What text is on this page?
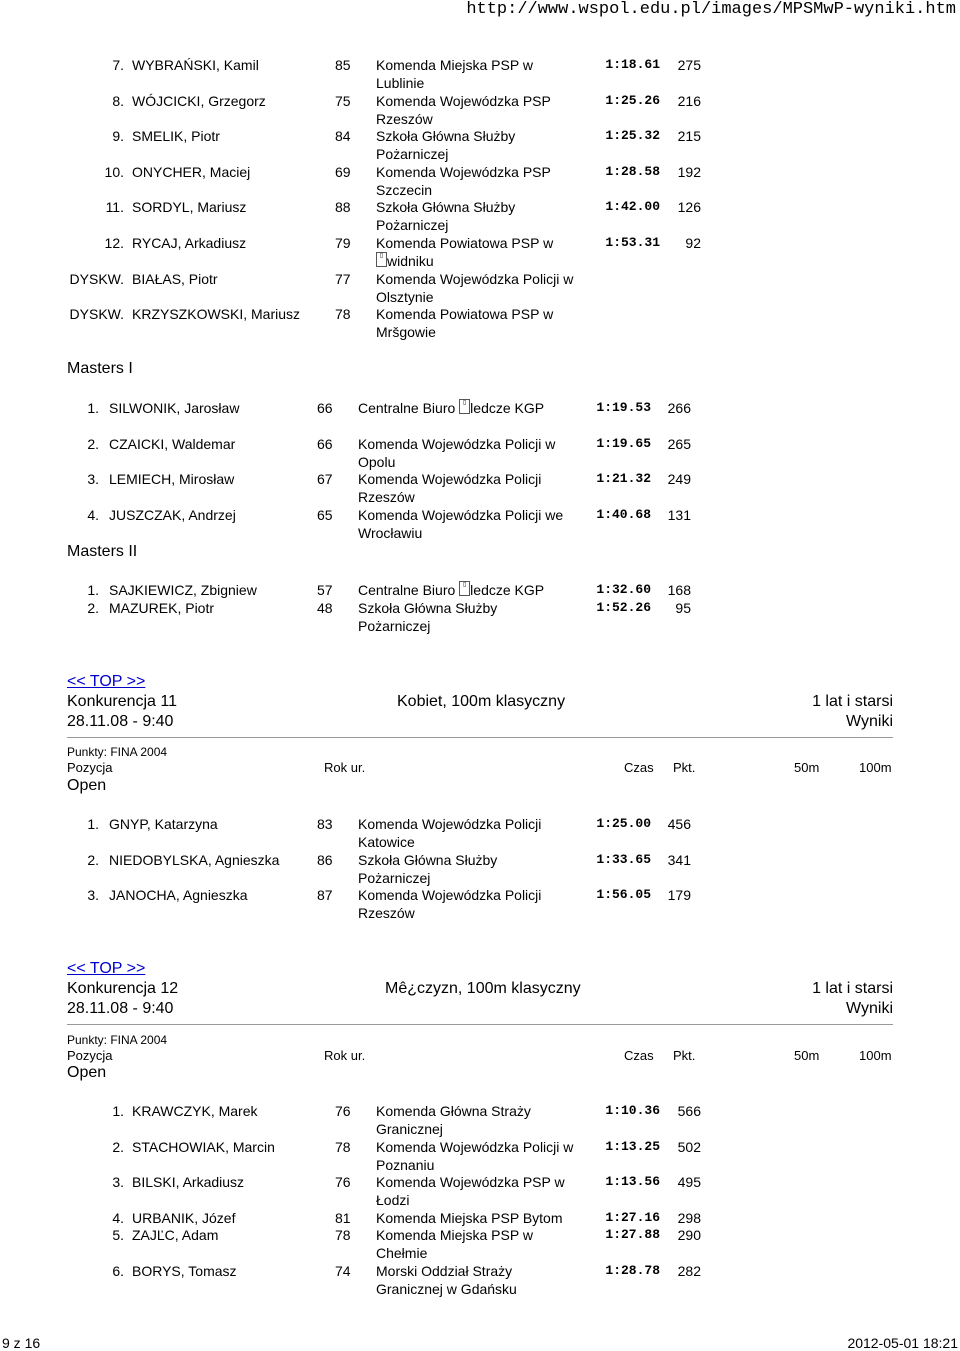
http://www.wspol.edu.pl/images/MPSMwP-wyniki.htm
9 z 16	2012-05-01 18:21
7. WYBRAŃSKI, Kamil	85 Komenda Miejska PSP w
Lublinie
1:18.61 275
8. WÓJCICKI, Grzegorz	75 Komenda Wojewódzka PSP
Rzeszów
1:25.26 216
9. SMELIK, Piotr	84 Szkoła Główna Służby
Pożarniczej
1:25.32 215
10. ONYCHER, Maciej	69 Komenda Wojewódzka PSP
Szczecin
1:28.58 192
11. SORDYL, Mariusz	88 Szkoła Główna Służby
Pożarniczej
1:42.00 126
12. RYCAJ, Arkadiusz	79 Komenda Powiatowa PSP w
▯ widniku
1:53.31 92
DYSKW. BIAŁAS, Piotr	77 Komenda Wojewódzka Policji w
Olsztynie
DYSKW. KRZYSZKOWSKI, Mariusz 78 Komenda Powiatowa PSP w
Mršgowie
Masters I
1. SILWONIK, Jarosław	66 Centralne Biuro ▯ ledcze KGP	1:19.53 266
2. CZAICKI, Waldemar	66 Komenda Wojewódzka Policji w
Opolu
1:19.65 265
3. LEMIECH, Mirosław	67 Komenda Wojewódzka Policji
Rzeszów
1:21.32 249
4. JUSZCZAK, Andrzej	65 Komenda Wojewódzka Policji we
Wrocławiu
1:40.68 131
Masters II
1. SAJKIEWICZ, Zbigniew	57 Centralne Biuro ▯ ledcze KGP	1:32.60 168
2. MAZUREK, Piotr	48 Szkoła Główna Służby
Pożarniczej
1:52.26 95
<< TOP >>
Konkurencja 11	Kobiet, 100m klasyczny	1 lat i starsi
28.11.08 - 9:40	Wyniki
Punkty: FINA 2004
Pozycja	Rok ur.	Czas Pkt.	50m	100m
Open
1. GNYP, Katarzyna	83 Komenda Wojewódzka Policji
Katowice
1:25.00 456
2. NIEDOBYLSKA, Agnieszka	86 Szkoła Główna Służby
Pożarniczej
1:33.65 341
3. JANOCHA, Agnieszka	87 Komenda Wojewódzka Policji
Rzeszów
1:56.05 179
<< TOP >>
Konkurencja 12	Mê¿czyzn, 100m klasyczny	1 lat i starsi
28.11.08 - 9:40	Wyniki
Punkty: FINA 2004
Pozycja	Rok ur.	Czas Pkt.	50m	100m
Open
1. KRAWCZYK, Marek	76 Komenda Główna Straży
Granicznej
1:10.36 566
2. STACHOWIAK, Marcin	78 Komenda Wojewódzka Policji w
Poznaniu
1:13.25 502
3. BILSKI, Arkadiusz	76 Komenda Wojewódzka PSP w
Łodzi
1:13.56 495
4. URBANIK, Józef	81 Komenda Miejska PSP Bytom	1:27.16 298
5. ZAJĽC, Adam	78 Komenda Miejska PSP w
Chełmie
1:27.88 290
6. BORYS, Tomasz	74 Morski Oddział Straży
Granicznej w Gdańsku
1:28.78 282
